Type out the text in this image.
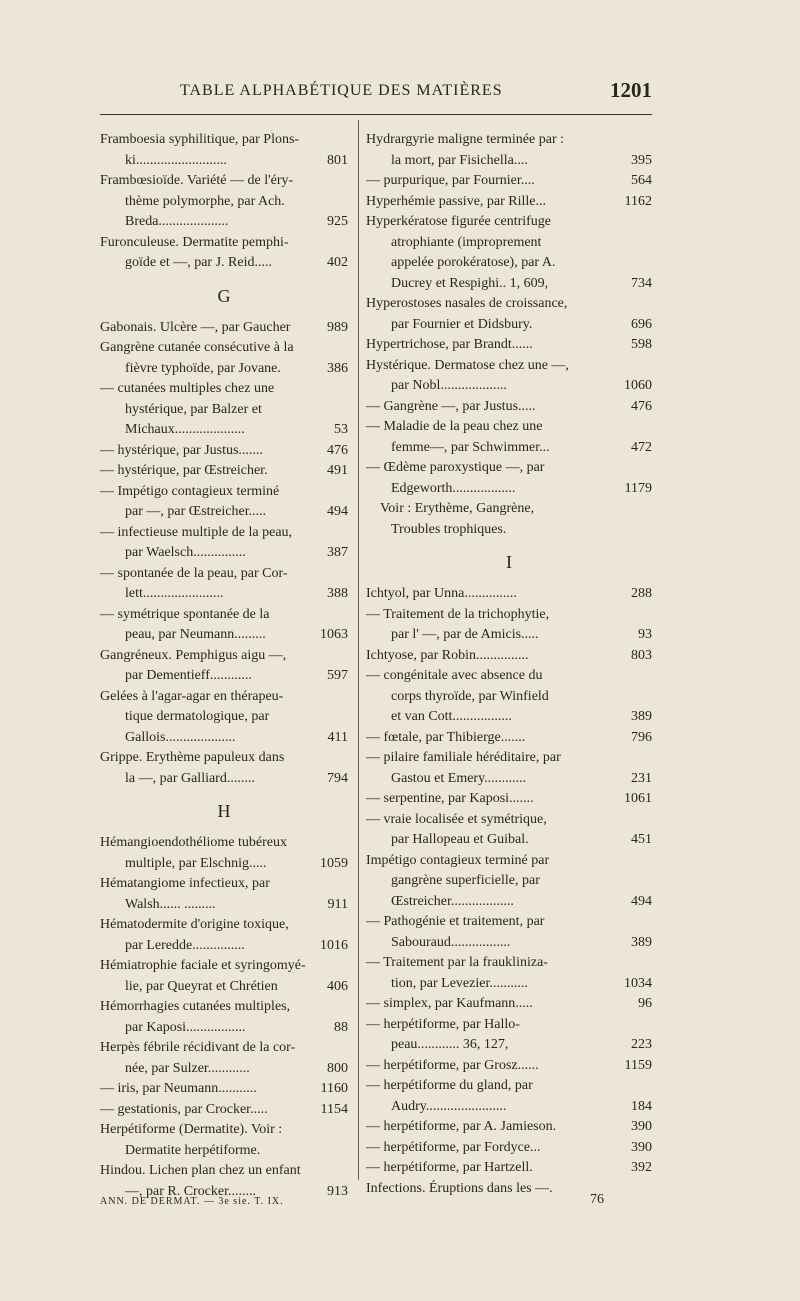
TABLE ALPHABÉTIQUE DES MATIÈRES	1201
Framboesia syphilitique, par Plons-
ki..........................	801
Frambœsioïde. Variété — de l'éry-
thème polymorphe, par Ach.
Breda....................	925
Furonculeuse. Dermatite pemphi-
goïde et —, par J. Reid.....	402
G
Gabonais. Ulcère —, par Gaucher	989
Gangrène cutanée consécutive à la
fièvre typhoïde, par Jovane.	386
— cutanées multiples chez une
hystérique, par Balzer et
Michaux....................	53
— hystérique, par Justus.......	476
— hystérique, par Œstreicher.	491
— Impétigo contagieux terminé
par —, par Œstreicher.....	494
— infectieuse multiple de la peau,
par Waelsch...............	387
— spontanée de la peau, par Cor-
lett.......................	388
— symétrique spontanée de la
peau, par Neumann.........	1063
Gangréneux. Pemphigus aigu —,
par Dementieff............	597
Gelées à l'agar-agar en thérapeu-
tique dermatologique, par
Gallois....................	411
Grippe. Erythème papuleux dans
la —, par Galliard........	794
H
Hémangioendothéliome tubéreux
multiple, par Elschnig.....	1059
Hématangiome infectieux, par
Walsh...... .........	911
Hématodermite d'origine toxique,
par Leredde...............	1016
Hémiatrophie faciale et syringomyé-
lie, par Queyrat et Chrétien	406
Hémorrhagies cutanées multiples,
par Kaposi.................	88
Herpès fébrile récidivant de la cor-
née, par Sulzer............	800
— iris, par Neumann...........	1160
— gestationis, par Crocker.....	1154
Herpétiforme (Dermatite). Voir :
Dermatite herpétiforme.
Hindou. Lichen plan chez un enfant
—, par R. Crocker........	913
Hydrargyrie maligne terminée par :
la mort, par Fisichella....	395
— purpurique, par Fournier....	564
Hyperhémie passive, par Rille...	1162
Hyperkératose figurée centrifuge
atrophiante (improprement
appelée porokératose), par A.
Ducrey et Respighi.. 1, 609,	734
Hyperostoses nasales de croissance,
par Fournier et Didsbury.	696
Hypertrichose, par Brandt......	598
Hystérique. Dermatose chez une —,
par Nobl...................	1060
— Gangrène —, par Justus.....	476
— Maladie de la peau chez une
femme—, par Schwimmer...	472
— Œdème paroxystique —, par
Edgeworth..................	1179
Voir : Erythème, Gangrène,
Troubles trophiques.
I
Ichtyol, par Unna...............	288
— Traitement de la trichophytie,
par l' —, par de Amicis.....	93
Ichtyose, par Robin...............	803
— congénitale avec absence du
corps thyroïde, par Winfield
et van Cott.................	389
— fœtale, par Thibierge.......	796
— pilaire familiale héréditaire, par
Gastou et Emery............	231
— serpentine, par Kaposi.......	1061
— vraie localisée et symétrique,
par Hallopeau et Guibal.	451
Impétigo contagieux terminé par
gangrène superficielle, par
Œstreicher..................	494
— Pathogénie et traitement, par
Sabouraud.................	389
— Traitement par la fraukliniza-
tion, par Levezier...........	1034
— simplex, par Kaufmann.....	96
— herpétiforme, par Hallo-
peau............ 36, 127,	223
— herpétiforme, par Grosz......	1159
— herpétiforme du gland, par
Audry.......................	184
— herpétiforme, par A. Jamieson.	390
— herpétiforme, par Fordyce...	390
— herpétiforme, par Hartzell.	392
Infections. Éruptions dans les —.
ANN. DE DERMAT. — 3e sie. T. IX.	76
